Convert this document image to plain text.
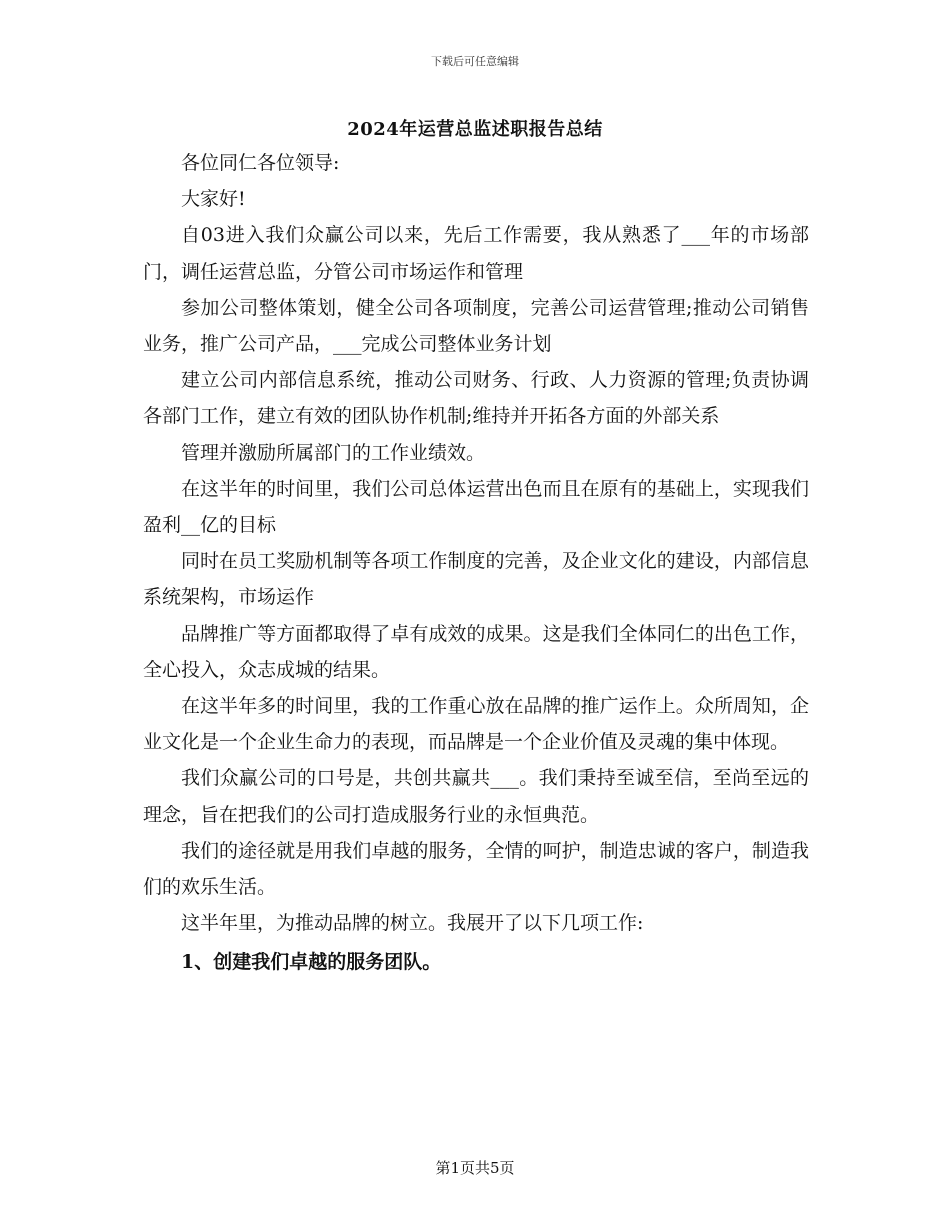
下载后可任意编辑
2024年运营总监述职报告总结

各位同仁各位领导:

大家好!

自03进入我们众赢公司以来，先后工作需要，我从熟悉了___年的市场部门，调任运营总监，分管公司市场运作和管理

参加公司整体策划，健全公司各项制度，完善公司运营管理;推动公司销售业务，推广公司产品，___完成公司整体业务计划

建立公司内部信息系统，推动公司财务、行政、人力资源的管理;负责协调各部门工作，建立有效的团队协作机制;维持并开拓各方面的外部关系

管理并激励所属部门的工作业绩效。

在这半年的时间里，我们公司总体运营出色而且在原有的基础上，实现我们盈利__亿的目标

同时在员工奖励机制等各项工作制度的完善，及企业文化的建设，内部信息系统架构，市场运作

品牌推广等方面都取得了卓有成效的成果。这是我们全体同仁的出色工作，全心投入，众志成城的结果。

在这半年多的时间里，我的工作重心放在品牌的推广运作上。众所周知，企业文化是一个企业生命力的表现，而品牌是一个企业价值及灵魂的集中体现。

我们众赢公司的口号是，共创共赢共___。我们秉持至诚至信，至尚至远的理念，旨在把我们的公司打造成服务行业的永恒典范。

我们的途径就是用我们卓越的服务，全情的呵护，制造忠诚的客户，制造我们的欢乐生活。

这半年里，为推动品牌的树立。我展开了以下几项工作:

1、创建我们卓越的服务团队。

第1页共5页
